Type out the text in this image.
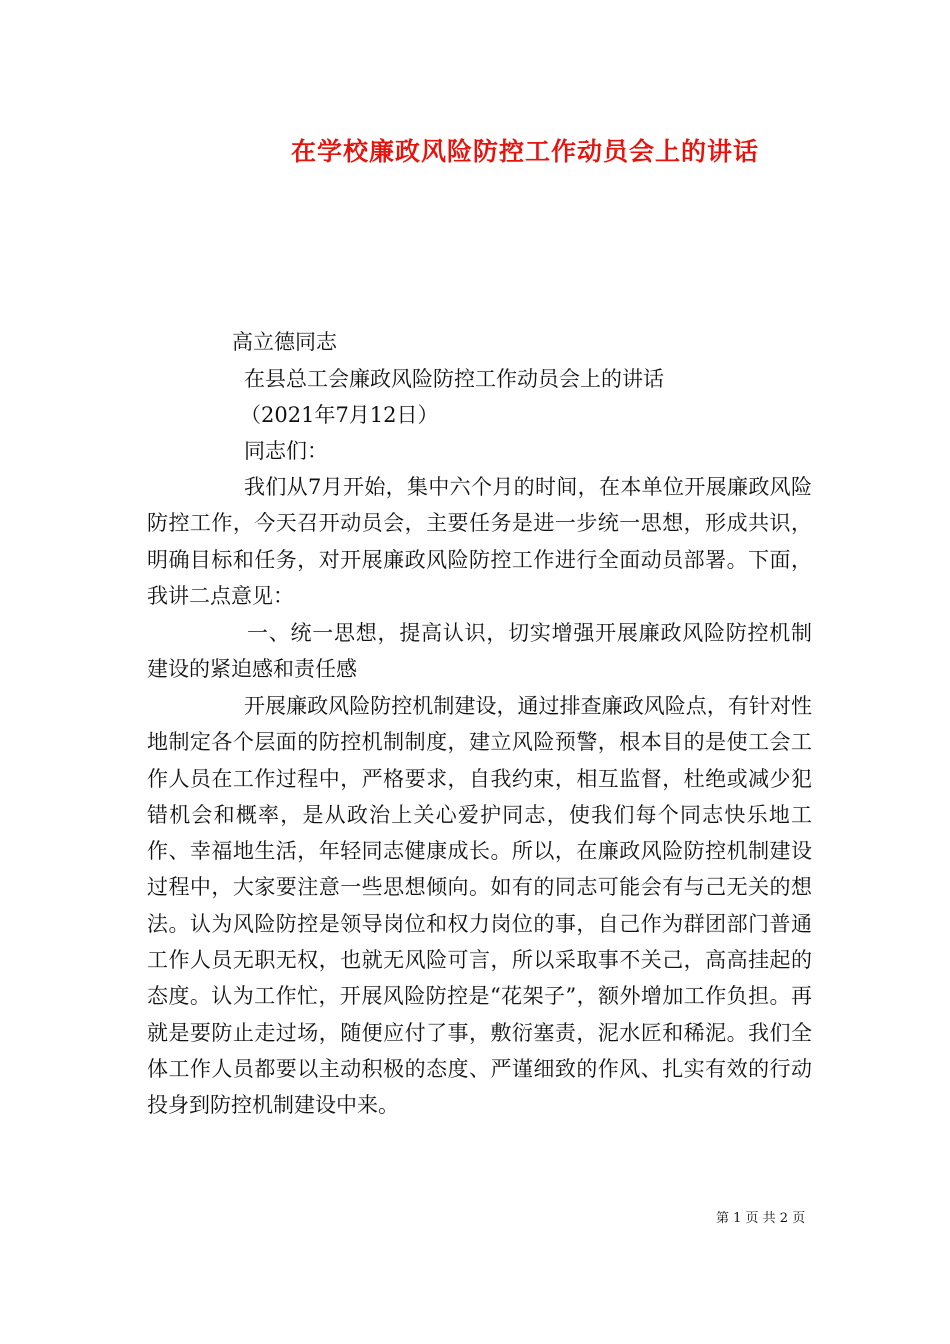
在学校廉政风险防控工作动员会上的讲话
高立德同志
在县总工会廉政风险防控工作动员会上的讲话
（2021年7月12日）
同志们：
我们从7月开始，集中六个月的时间，在本单位开展廉政风险防控工作，今天召开动员会，主要任务是进一步统一思想，形成共识，明确目标和任务，对开展廉政风险防控工作进行全面动员部署。下面，我讲二点意见：
一、统一思想，提高认识，切实增强开展廉政风险防控机制建设的紧迫感和责任感
开展廉政风险防控机制建设，通过排查廉政风险点，有针对性地制定各个层面的防控机制制度，建立风险预警，根本目的是使工会工作人员在工作过程中，严格要求，自我约束，相互监督，杜绝或减少犯错机会和概率，是从政治上关心爱护同志，使我们每个同志快乐地工作、幸福地生活，年轻同志健康成长。所以，在廉政风险防控机制建设过程中，大家要注意一些思想倾向。如有的同志可能会有与己无关的想法。认为风险防控是领导岗位和权力岗位的事，自己作为群团部门普通工作人员无职无权，也就无风险可言，所以采取事不关己，高高挂起的态度。认为工作忙，开展风险防控是“花架子”，额外增加工作负担。再就是要防止走过场，随便应付了事，敷衍塞责，泥水匠和稀泥。我们全体工作人员都要以主动积极的态度、严谨细致的作风、扎实有效的行动投身到防控机制建设中来。
第 1 页 共 2 页
